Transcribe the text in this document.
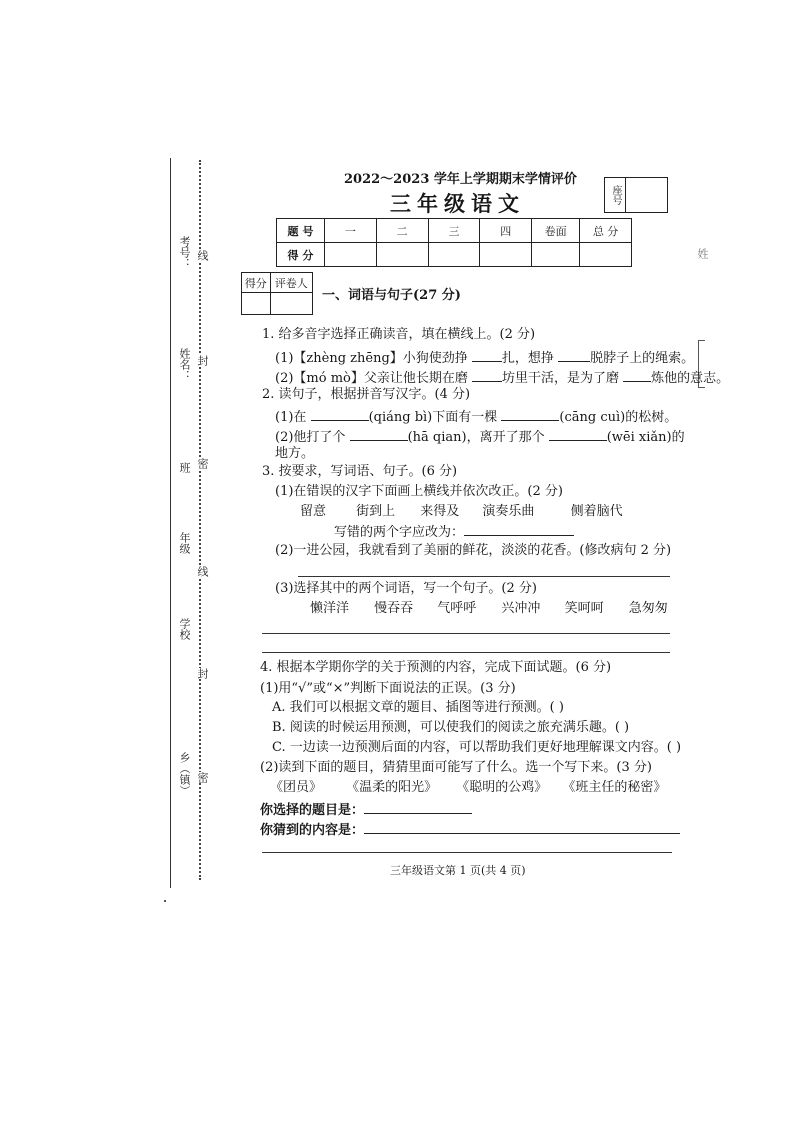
考号：
姓名：
班
年级
学校
乡（镇）
线
封
密
线
封
密
姓
2022～2023 学年上学期期末学情评价
三年级语文	座号
题 号	一	二	三	四	卷面	总 分
得 分						
得分	评卷人

一、词语与句子(27 分)
1. 给多音字选择正确读音，填在横线上。(2 分)
(1)【zhèng zhēng】小狗使劲挣	扎，想挣	脱脖子上的绳索。
(2)【mó mò】父亲让他长期在磨	坊里干活，是为了磨 炼他的意志。
2. 读句子，根据拼音写汉字。(4 分)
(1)在	(qiáng bì)下面有一棵	(cāng cuì)的松树。
(2)他打了个	(hā qian)，离开了那个	(wēi xiǎn)的
地方。
3. 按要求，写词语、句子。(6 分)
(1)在错误的汉字下面画上横线并依次改正。(2 分)
留意 街到上 来得及 演奏乐曲	侧着脑代
写错的两个字应改为：
(2)一进公园，我就看到了美丽的鲜花，淡淡的花香。(修改病句 2 分)
(3)选择其中的两个词语，写一个句子。(2 分)
懒洋洋 慢吞吞 气呼呼 兴冲冲 笑呵呵 急匆匆
4. 根据本学期你学的关于预测的内容，完成下面试题。(6 分)
(1)用“√”或“×”判断下面说法的正误。(3 分)
A. 我们可以根据文章的题目、插图等进行预测。( )
B. 阅读的时候运用预测，可以使我们的阅读之旅充满乐趣。( )
C. 一边读一边预测后面的内容，可以帮助我们更好地理解课文内容。( )
(2)读到下面的题目，猜猜里面可能写了什么。选一个写下来。(3 分)
《团员》 《温柔的阳光》 《聪明的公鸡》 《班主任的秘密》
你选择的题目是：
你猜到的内容是：
三年级语文第 1 页(共 4 页)
